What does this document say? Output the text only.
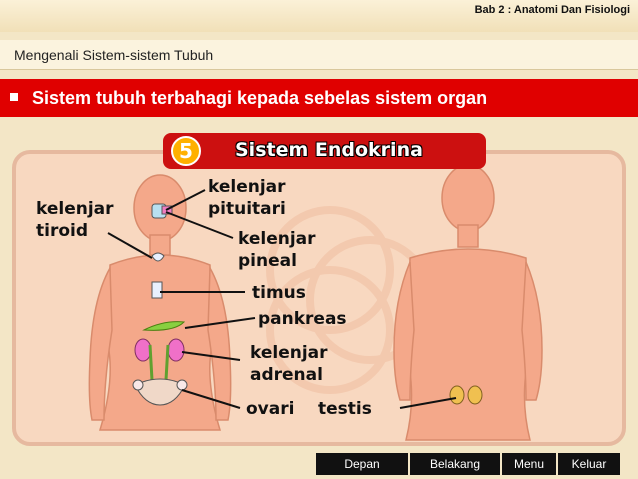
Bab 2 : Anatomi Dan Fisiologi
Mengenali Sistem-sistem Tubuh
Sistem tubuh terbahagi kepada sebelas sistem organ
5	Sistem Endokrina
kelenjar
tiroid
kelenjar
pituitari
kelenjar
pineal
timus
pankreas
kelenjar
adrenal
ovari testis
Depan	Belakang	Menu	Keluar
